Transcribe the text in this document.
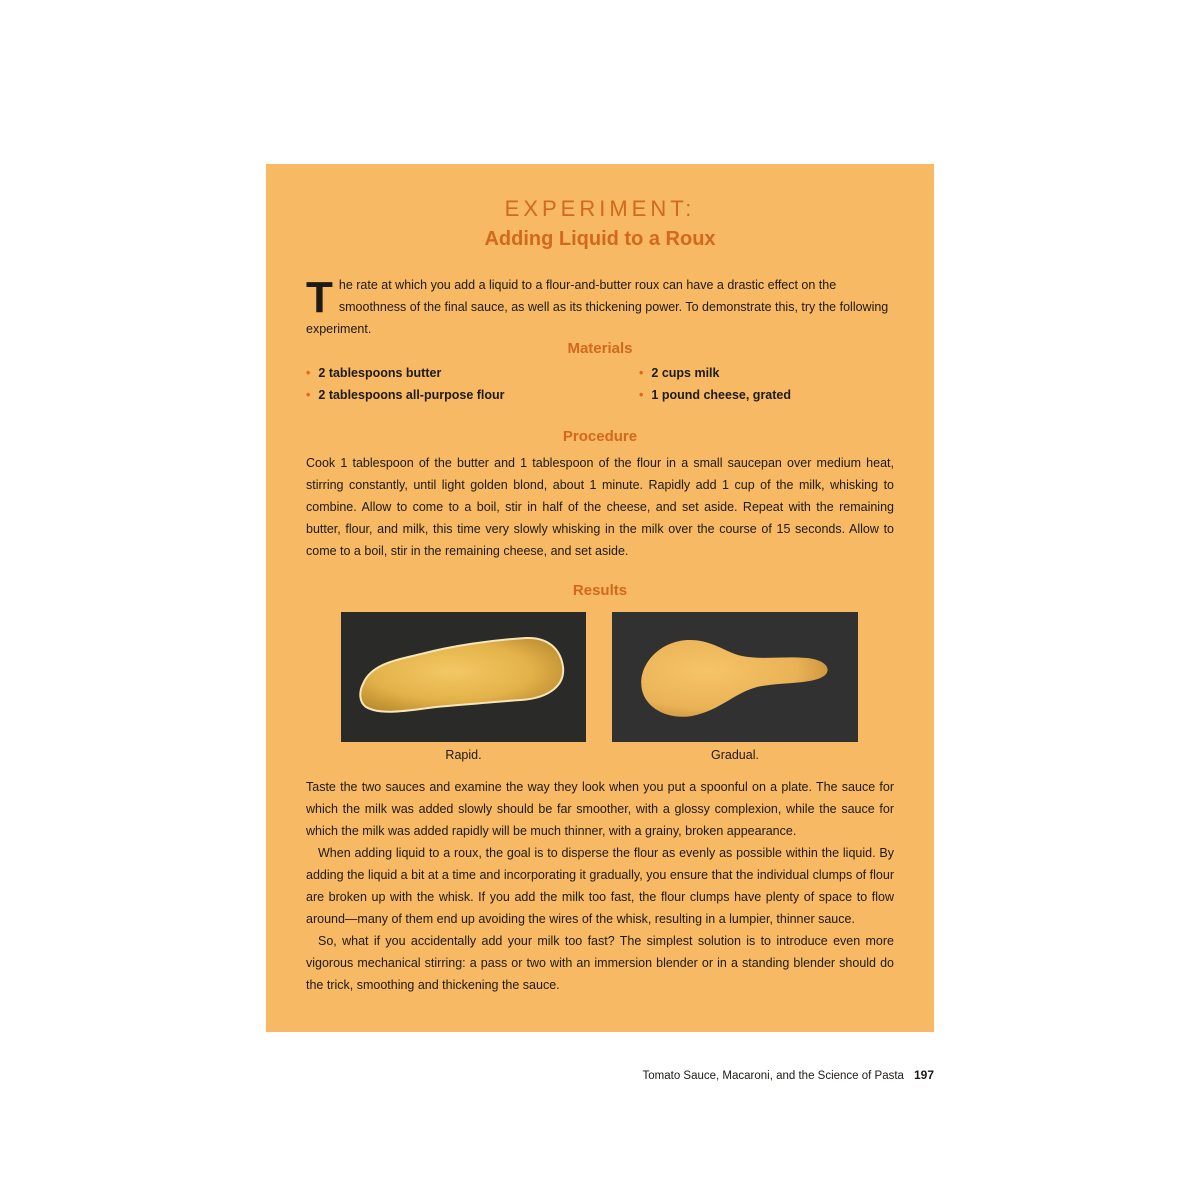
EXPERIMENT:
Adding Liquid to a Roux
T he rate at which you add a liquid to a flour-and-butter roux can have a drastic effect on the smoothness of the final sauce, as well as its thickening power. To demonstrate this, try the following experiment.
Materials
• 2 tablespoons butter
• 2 tablespoons all-purpose flour
• 2 cups milk
• 1 pound cheese, grated
Procedure

Cook 1 tablespoon of the butter and 1 tablespoon of the flour in a small saucepan over medium heat, stirring constantly, until light golden blond, about 1 minute. Rapidly add 1 cup of the milk, whisking to combine. Allow to come to a boil, stir in half of the cheese, and set aside. Repeat with the remaining butter, flour, and milk, this time very slowly whisking in the milk over the course of 15 seconds. Allow to come to a boil, stir in the remaining cheese, and set aside.

Results
Rapid.	Gradual.

Taste the two sauces and examine the way they look when you put a spoonful on a plate. The sauce for which the milk was added slowly should be far smoother, with a glossy complexion, while the sauce for which the milk was added rapidly will be much thinner, with a grainy, broken appearance.

When adding liquid to a roux, the goal is to disperse the flour as evenly as possible within the liquid. By adding the liquid a bit at a time and incorporating it gradually, you ensure that the individual clumps of flour are broken up with the whisk. If you add the milk too fast, the flour clumps have plenty of space to flow around—many of them end up avoiding the wires of the whisk, resulting in a lumpier, thinner sauce.

So, what if you accidentally add your milk too fast? The simplest solution is to introduce even more vigorous mechanical stirring: a pass or two with an immersion blender or in a standing blender should do the trick, smoothing and thickening the sauce.

Tomato Sauce, Macaroni, and the Science of Pasta 197
